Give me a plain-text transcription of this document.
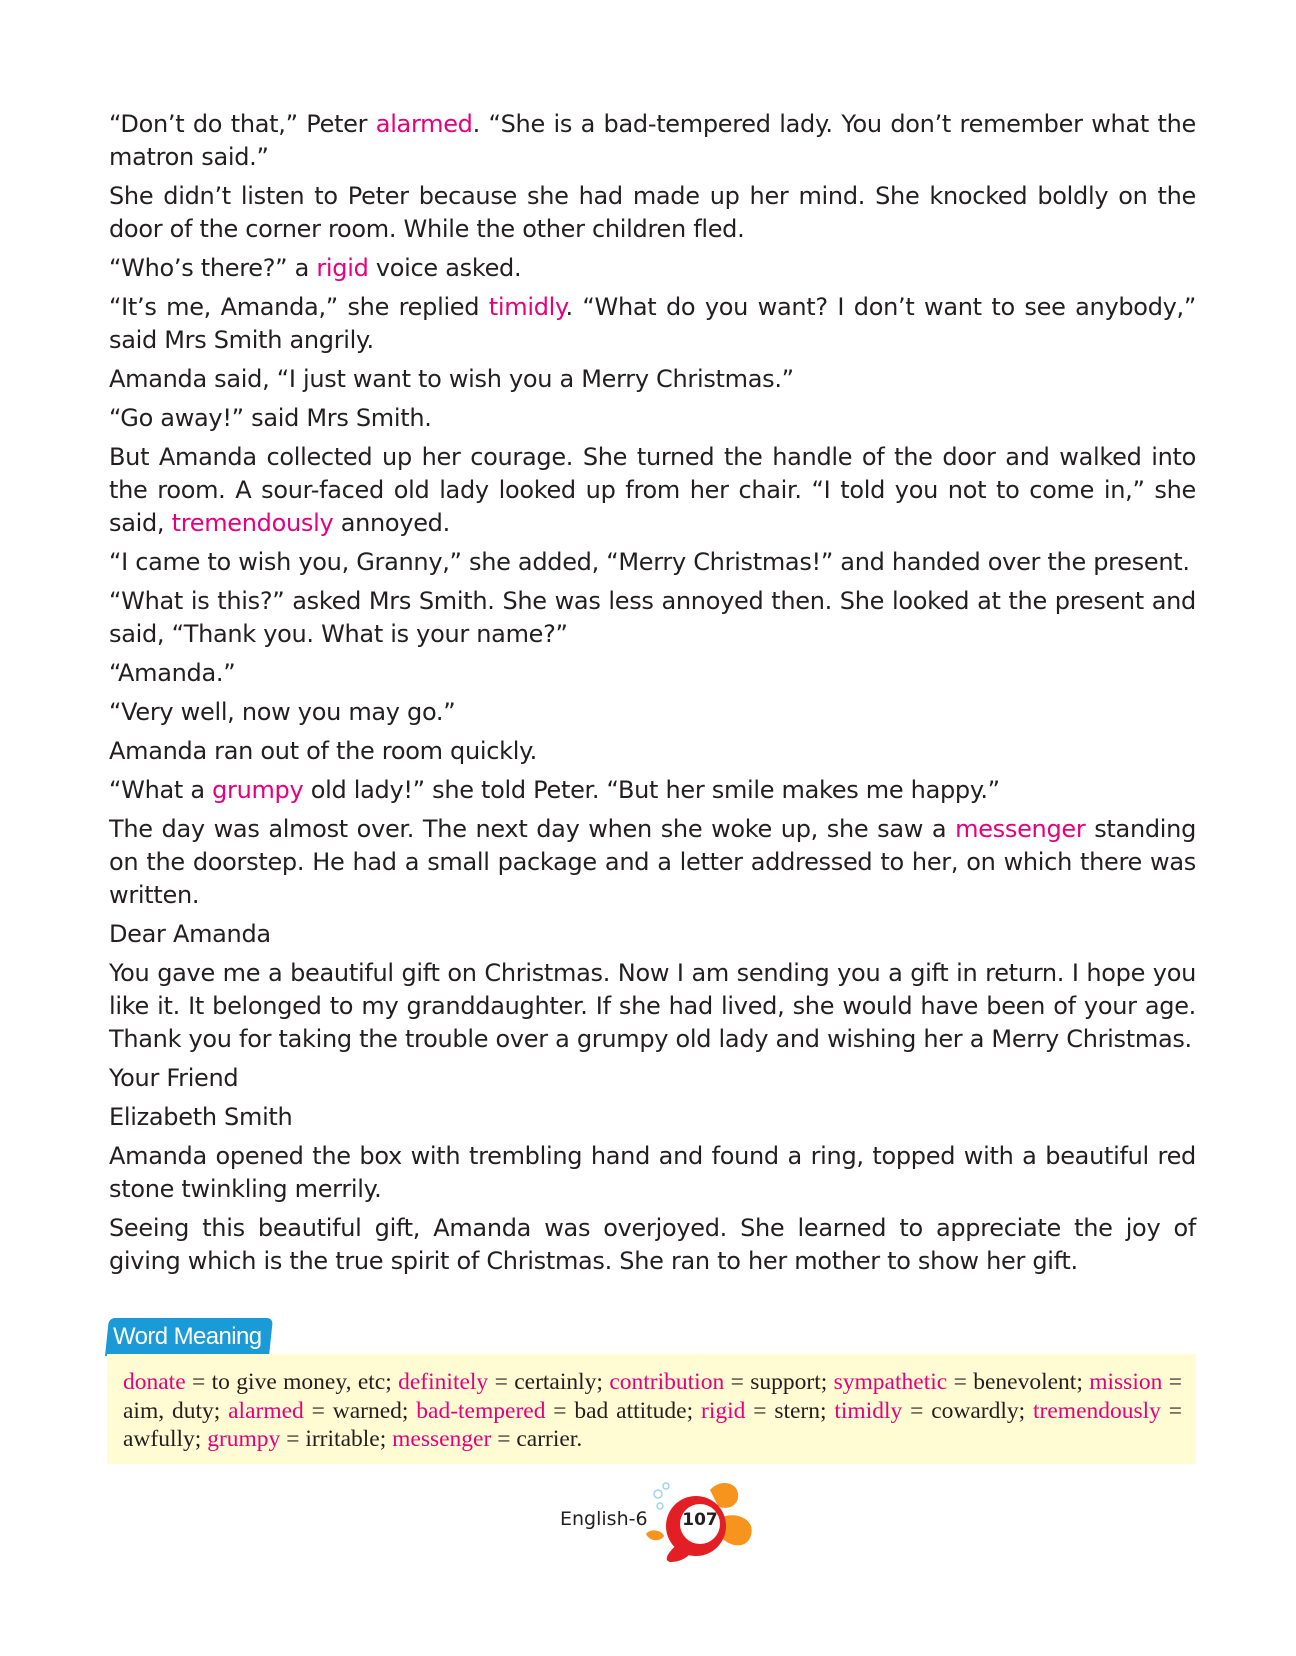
“Don’t do that,” Peter alarmed. “She is a bad-tempered lady. You don’t remember what the matron said.”

She didn’t listen to Peter because she had made up her mind. She knocked boldly on the door of the corner room. While the other children fled.

“Who’s there?” a rigid voice asked.

“It’s me, Amanda,” she replied timidly. “What do you want? I don’t want to see anybody,” said Mrs Smith angrily.

Amanda said, “I just want to wish you a Merry Christmas.”

“Go away!” said Mrs Smith.

But Amanda collected up her courage. She turned the handle of the door and walked into the room. A sour-faced old lady looked up from her chair. “I told you not to come in,” she said, tremendously annoyed.

“I came to wish you, Granny,” she added, “Merry Christmas!” and handed over the present.

“What is this?” asked Mrs Smith. She was less annoyed then. She looked at the present and said, “Thank you. What is your name?”

“Amanda.”

“Very well, now you may go.”

Amanda ran out of the room quickly.

“What a grumpy old lady!” she told Peter. “But her smile makes me happy.”

The day was almost over. The next day when she woke up, she saw a messenger standing on the doorstep. He had a small package and a letter addressed to her, on which there was written.

Dear Amanda

You gave me a beautiful gift on Christmas. Now I am sending you a gift in return. I hope you like it. It belonged to my granddaughter. If she had lived, she would have been of your age. Thank you for taking the trouble over a grumpy old lady and wishing her a Merry Christmas.

Your Friend

Elizabeth Smith

Amanda opened the box with trembling hand and found a ring, topped with a beautiful red stone twinkling merrily.

Seeing this beautiful gift, Amanda was overjoyed. She learned to appreciate the joy of giving which is the true spirit of Christmas. She ran to her mother to show her gift.

Word Meaning
donate = to give money, etc; definitely = certainly; contribution = support; sympathetic = benevolent; mission = aim, duty; alarmed = warned; bad-tempered = bad attitude; rigid = stern; timidly = cowardly; tremendously = awfully; grumpy = irritable; messenger = carrier.
English-6	107
